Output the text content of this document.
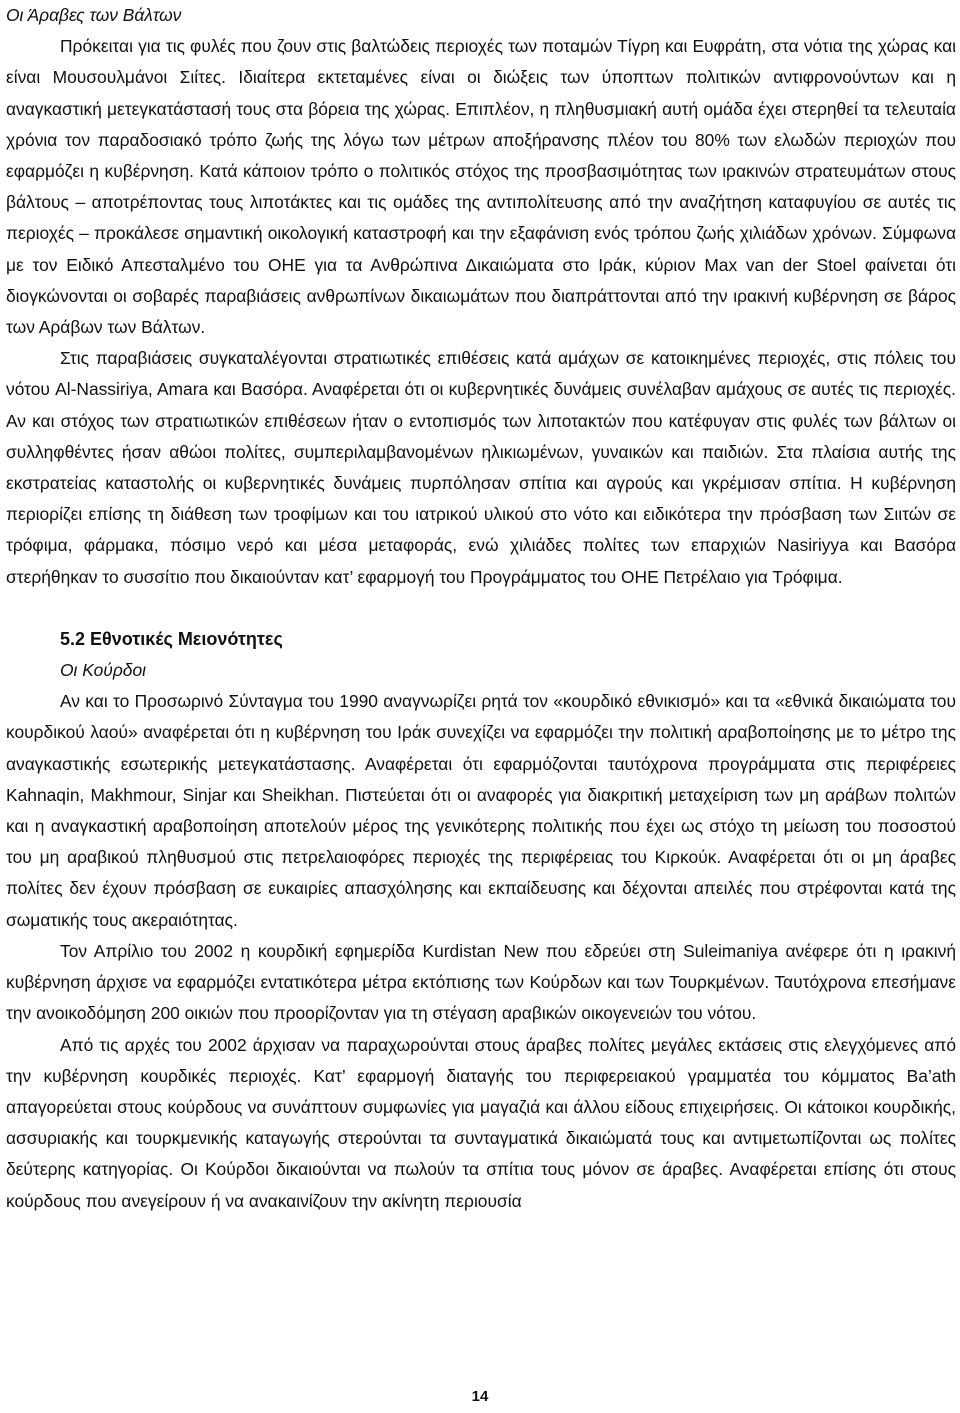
Οι Άραβες των Βάλτων

Πρόκειται για τις φυλές που ζουν στις βαλτώδεις περιοχές των ποταμών Τίγρη και Ευφράτη, στα νότια της χώρας και είναι Μουσουλμάνοι Σιίτες. Ιδιαίτερα εκτεταμένες είναι οι διώξεις των ύποπτων πολιτικών αντιφρονούντων και η αναγκαστική μετεγκατάστασή τους στα βόρεια της χώρας. Επιπλέον, η πληθυσμιακή αυτή ομάδα έχει στερηθεί τα τελευταία χρόνια τον παραδοσιακό τρόπο ζωής της λόγω των μέτρων αποξήρανσης πλέον του 80% των ελωδών περιοχών που εφαρμόζει η κυβέρνηση. Κατά κάποιον τρόπο ο πολιτικός στόχος της προσβασιμότητας των ιρακινών στρατευμάτων στους βάλτους – αποτρέποντας τους λιποτάκτες και τις ομάδες της αντιπολίτευσης από την αναζήτηση καταφυγίου σε αυτές τις περιοχές – προκάλεσε σημαντική οικολογική καταστροφή και την εξαφάνιση ενός τρόπου ζωής χιλιάδων χρόνων. Σύμφωνα με τον Ειδικό Απεσταλμένο του ΟΗΕ για τα Ανθρώπινα Δικαιώματα στο Ιράκ, κύριον Max van der Stoel φαίνεται ότι διογκώνονται οι σοβαρές παραβιάσεις ανθρωπίνων δικαιωμάτων που διαπράττονται από την ιρακινή κυβέρνηση σε βάρος των Αράβων των Βάλτων.

Στις παραβιάσεις συγκαταλέγονται στρατιωτικές επιθέσεις κατά αμάχων σε κατοικημένες περιοχές, στις πόλεις του νότου Al-Nassiriya, Amara και Βασόρα. Αναφέρεται ότι οι κυβερνητικές δυνάμεις συνέλαβαν αμάχους σε αυτές τις περιοχές. Αν και στόχος των στρατιωτικών επιθέσεων ήταν ο εντοπισμός των λιποτακτών που κατέφυγαν στις φυλές των βάλτων οι συλληφθέντες ήσαν αθώοι πολίτες, συμπεριλαμβανομένων ηλικιωμένων, γυναικών και παιδιών. Στα πλαίσια αυτής της εκστρατείας καταστολής οι κυβερνητικές δυνάμεις πυρπόλησαν σπίτια και αγρούς και γκρέμισαν σπίτια. Η κυβέρνηση περιορίζει επίσης τη διάθεση των τροφίμων και του ιατρικού υλικού στο νότο και ειδικότερα την πρόσβαση των Σιιτών σε τρόφιμα, φάρμακα, πόσιμο νερό και μέσα μεταφοράς, ενώ χιλιάδες πολίτες των επαρχιών Nasiriyya και Βασόρα στερήθηκαν το συσσίτιο που δικαιούνταν κατ’ εφαρμογή του Προγράμματος του ΟΗΕ Πετρέλαιο για Τρόφιμα.

5.2 Εθνοτικές Μειονότητες

Οι Κούρδοι

Αν και το Προσωρινό Σύνταγμα του 1990 αναγνωρίζει ρητά τον «κουρδικό εθνικισμό» και τα «εθνικά δικαιώματα του κουρδικού λαού» αναφέρεται ότι η κυβέρνηση του Ιράκ συνεχίζει να εφαρμόζει την πολιτική αραβοποίησης με το μέτρο της αναγκαστικής εσωτερικής μετεγκατάστασης. Αναφέρεται ότι εφαρμόζονται ταυτόχρονα προγράμματα στις περιφέρειες Kahnaqin, Makhmour, Sinjar και Sheikhan. Πιστεύεται ότι οι αναφορές για διακριτική μεταχείριση των μη αράβων πολιτών και η αναγκαστική αραβοποίηση αποτελούν μέρος της γενικότερης πολιτικής που έχει ως στόχο τη μείωση του ποσοστού του μη αραβικού πληθυσμού στις πετρελαιοφόρες περιοχές της περιφέρειας του Κιρκούκ. Αναφέρεται ότι οι μη άραβες πολίτες δεν έχουν πρόσβαση σε ευκαιρίες απασχόλησης και εκπαίδευσης και δέχονται απειλές που στρέφονται κατά της σωματικής τους ακεραιότητας.

Τον Απρίλιο του 2002 η κουρδική εφημερίδα Kurdistan New που εδρεύει στη Suleimaniya ανέφερε ότι η ιρακινή κυβέρνηση άρχισε να εφαρμόζει εντατικότερα μέτρα εκτόπισης των Κούρδων και των Τουρκμένων. Ταυτόχρονα επεσήμανε την ανοικοδόμηση 200 οικιών που προορίζονταν για τη στέγαση αραβικών οικογενειών του νότου.

Από τις αρχές του 2002 άρχισαν να παραχωρούνται στους άραβες πολίτες μεγάλες εκτάσεις στις ελεγχόμενες από την κυβέρνηση κουρδικές περιοχές. Κατ’ εφαρμογή διαταγής του περιφερειακού γραμματέα του κόμματος Ba’ath απαγορεύεται στους κούρδους να συνάπτουν συμφωνίες για μαγαζιά και άλλου είδους επιχειρήσεις. Οι κάτοικοι κουρδικής, ασσυριακής και τουρκμενικής καταγωγής στερούνται τα συνταγματικά δικαιώματά τους και αντιμετωπίζονται ως πολίτες δεύτερης κατηγορίας. Οι Κούρδοι δικαιούνται να πωλούν τα σπίτια τους μόνον σε άραβες. Αναφέρεται επίσης ότι στους κούρδους που ανεγείρουν ή να ανακαινίζουν την ακίνητη περιουσία

14
